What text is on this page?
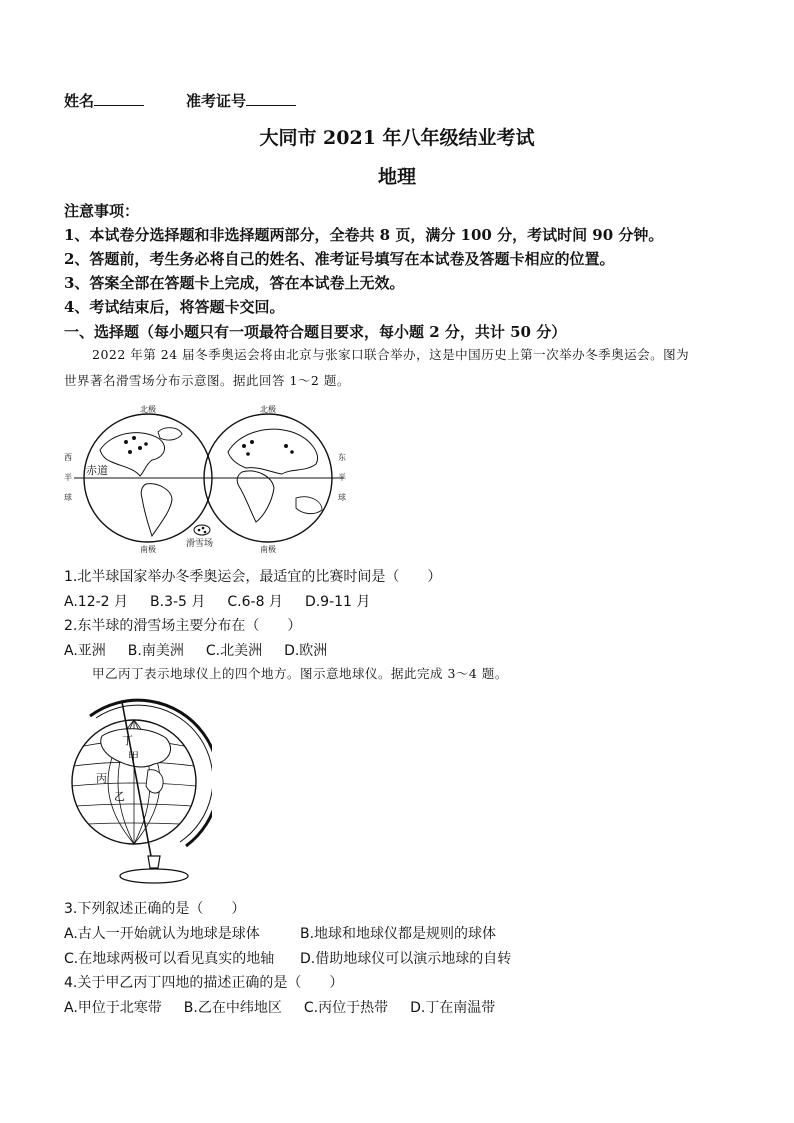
姓名	准考证号
大同市 2021 年八年级结业考试
地理
注意事项：
1、本试卷分选择题和非选择题两部分，全卷共 8 页，满分 100 分，考试时间 90 分钟。
2、答题前，考生务必将自己的姓名、准考证号填写在本试卷及答题卡相应的位置。
3、答案全部在答题卡上完成，答在本试卷上无效。
4、考试结束后，将答题卡交回。
一、选择题（每小题只有一项最符合题目要求，每小题 2 分，共计 50 分）
2022 年第 24 届冬季奥运会将由北京与张家口联合举办，这是中国历史上第一次举办冬季奥运会。图为
世界著名滑雪场分布示意图。据此回答 1～2 题。
赤道
北极	北极
南极	南极
西
半
球
东
半
球
滑雪场
1.北半球国家举办冬季奥运会，最适宜的比赛时间是（　　）
A.12-2 月 B.3-5 月 C.6-8 月 D.9-11 月
2.东半球的滑雪场主要分布在（　　）
A.亚洲 B.南美洲 C.北美洲 D.欧洲
甲乙丙丁表示地球仪上的四个地方。图示意地球仪。据此完成 3～4 题。
丁
甲
丙
乙
3.下列叙述正确的是（　　）
A.古人一开始就认为地球是球体	B.地球和地球仪都是规则的球体
C.在地球两极可以看见真实的地轴 D.借助地球仪可以演示地球的自转
4.关于甲乙丙丁四地的描述正确的是（　　）
A.甲位于北寒带 B.乙在中纬地区 C.丙位于热带 D.丁在南温带
